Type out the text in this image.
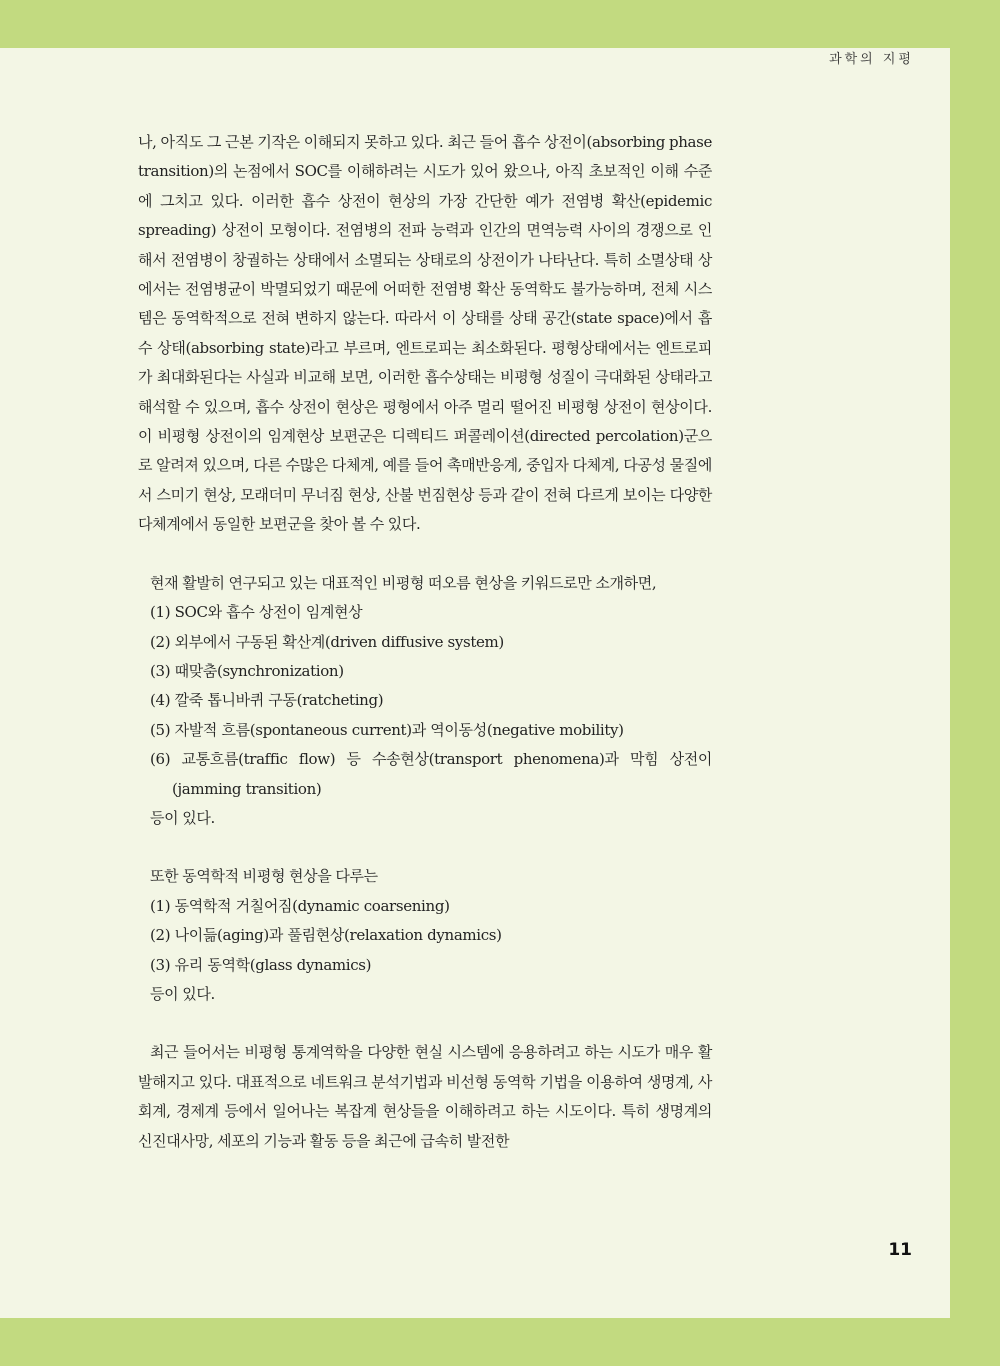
과학의 지평

나, 아직도 그 근본 기작은 이해되지 못하고 있다. 최근 들어 흡수 상전이(absorbing phase transition)의 논점에서 SOC를 이해하려는 시도가 있어 왔으나, 아직 초보적인 이해 수준에 그치고 있다. 이러한 흡수 상전이 현상의 가장 간단한 예가 전염병 확산(epidemic spreading) 상전이 모형이다. 전염병의 전파 능력과 인간의 면역능력 사이의 경쟁으로 인해서 전염병이 창궐하는 상태에서 소멸되는 상태로의 상전이가 나타난다. 특히 소멸상태 상에서는 전염병균이 박멸되었기 때문에 어떠한 전염병 확산 동역학도 불가능하며, 전체 시스템은 동역학적으로 전혀 변하지 않는다. 따라서 이 상태를 상태 공간(state space)에서 흡수 상태(absorbing state)라고 부르며, 엔트로피는 최소화된다. 평형상태에서는 엔트로피가 최대화된다는 사실과 비교해 보면, 이러한 흡수상태는 비평형 성질이 극대화된 상태라고 해석할 수 있으며, 흡수 상전이 현상은 평형에서 아주 멀리 떨어진 비평형 상전이 현상이다. 이 비평형 상전이의 임계현상 보편군은 디렉티드 퍼콜레이션(directed percolation)군으로 알려져 있으며, 다른 수많은 다체계, 예를 들어 촉매반응계, 중입자 다체계, 다공성 물질에서 스미기 현상, 모래더미 무너짐 현상, 산불 번짐현상 등과 같이 전혀 다르게 보이는 다양한 다체계에서 동일한 보편군을 찾아 볼 수 있다.

현재 활발히 연구되고 있는 대표적인 비평형 떠오름 현상을 키워드로만 소개하면,

(1) SOC와 흡수 상전이 임계현상
(2) 외부에서 구동된 확산계(driven diffusive system)
(3) 때맞춤(synchronization)
(4) 깔죽 톱니바퀴 구동(ratcheting)
(5) 자발적 흐름(spontaneous current)과 역이동성(negative mobility)
(6) 교통흐름(traffic flow) 등 수송현상(transport phenomena)과 막힘 상전이 (jamming transition)

등이 있다.

또한 동역학적 비평형 현상을 다루는

(1) 동역학적 거칠어짐(dynamic coarsening)
(2) 나이듦(aging)과 풀림현상(relaxation dynamics)
(3) 유리 동역학(glass dynamics)

등이 있다.

최근 들어서는 비평형 통계역학을 다양한 현실 시스템에 응용하려고 하는 시도가 매우 활발해지고 있다. 대표적으로 네트워크 분석기법과 비선형 동역학 기법을 이용하여 생명계, 사회계, 경제계 등에서 일어나는 복잡계 현상들을 이해하려고 하는 시도이다. 특히 생명계의 신진대사망, 세포의 기능과 활동 등을 최근에 급속히 발전한

11
